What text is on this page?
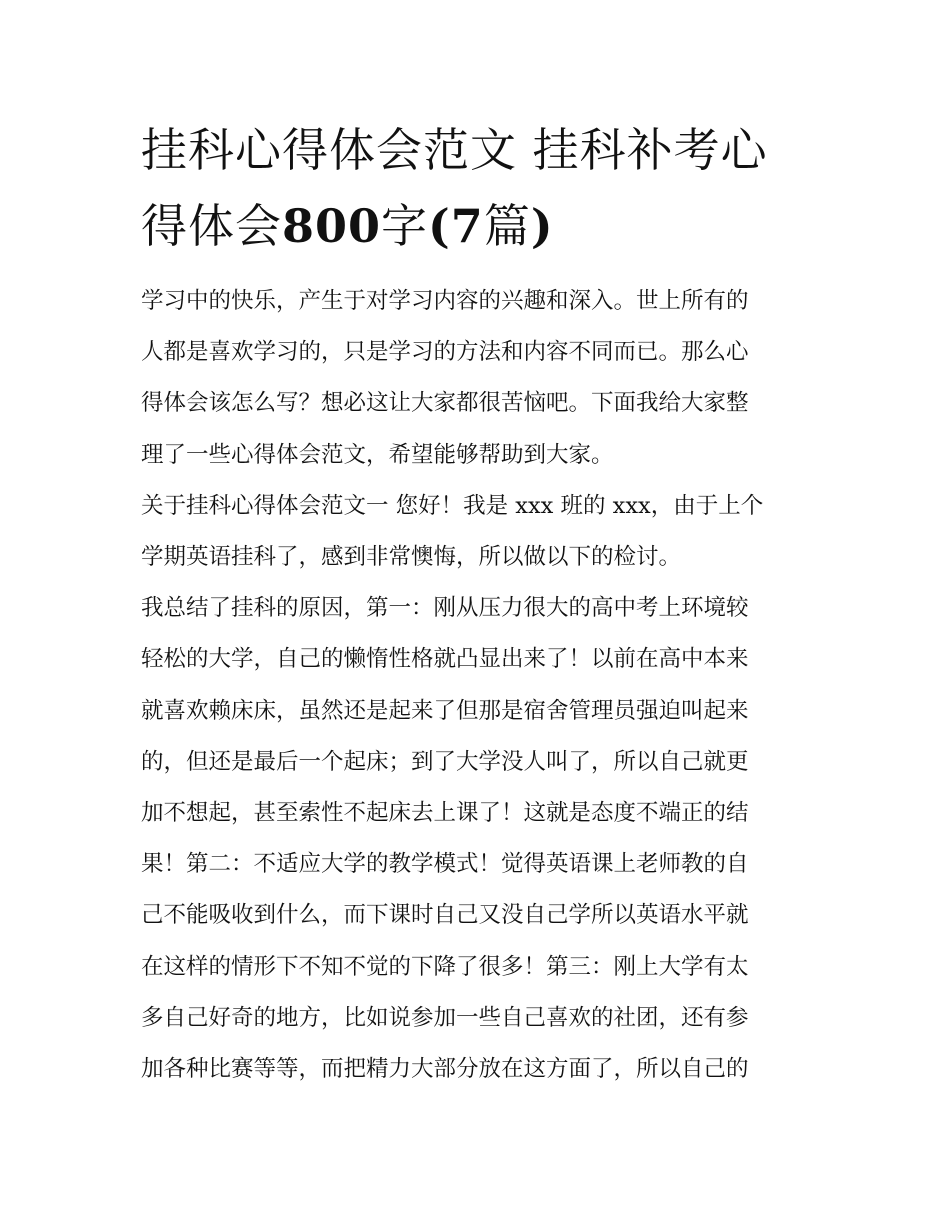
挂科心得体会范文 挂科补考心
得体会800字(7篇)

学习中的快乐，产生于对学习内容的兴趣和深入。世上所有的
人都是喜欢学习的，只是学习的方法和内容不同而已。那么心
得体会该怎么写？想必这让大家都很苦恼吧。下面我给大家整
理了一些心得体会范文，希望能够帮助到大家。

关于挂科心得体会范文一 您好！我是 xxx 班的 xxx，由于上个
学期英语挂科了，感到非常懊悔，所以做以下的检讨。

我总结了挂科的原因，第一：刚从压力很大的高中考上环境较
轻松的大学，自己的懒惰性格就凸显出来了！以前在高中本来
就喜欢赖床床，虽然还是起来了但那是宿舍管理员强迫叫起来
的，但还是最后一个起床；到了大学没人叫了，所以自己就更
加不想起，甚至索性不起床去上课了！这就是态度不端正的结
果！第二：不适应大学的教学模式！觉得英语课上老师教的自
己不能吸收到什么，而下课时自己又没自己学所以英语水平就
在这样的情形下不知不觉的下降了很多！第三：刚上大学有太
多自己好奇的地方，比如说参加一些自己喜欢的社团，还有参
加各种比赛等等，而把精力大部分放在这方面了，所以自己的
